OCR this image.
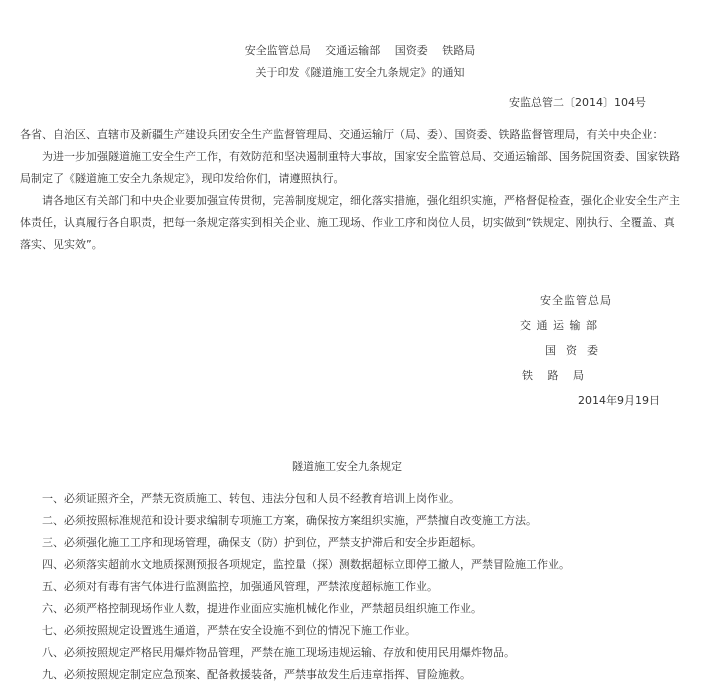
安全监管总局　 交通运输部　 国资委　 铁路局
关于印发《隧道施工安全九条规定》的通知
安监总管二〔2014〕104号
各省、自治区、直辖市及新疆生产建设兵团安全生产监督管理局、交通运输厅（局、委）、国资委、铁路监督管理局，有关中央企业：
为进一步加强隧道施工安全生产工作，有效防范和坚决遏制重特大事故，国家安全监管总局、交通运输部、国务院国资委、国家铁路局制定了《隧道施工安全九条规定》，现印发给你们，请遵照执行。
请各地区有关部门和中央企业要加强宣传贯彻，完善制度规定，细化落实措施，强化组织实施，严格督促检查，强化企业安全生产主体责任，认真履行各自职责，把每一条规定落实到相关企业、施工现场、作业工序和岗位人员，切实做到“铁规定、刚执行、全覆盖、真落实、见实效”。
安全监管总局
交 通 运 输 部
国  资  委
铁   路   局
2014年9月19日
隧道施工安全九条规定
一、必须证照齐全，严禁无资质施工、转包、违法分包和人员不经教育培训上岗作业。
二、必须按照标准规范和设计要求编制专项施工方案，确保按方案组织实施，严禁擅自改变施工方法。
三、必须强化施工工序和现场管理，确保支（防）护到位，严禁支护滞后和安全步距超标。
四、必须落实超前水文地质探测预报各项规定，监控量（探）测数据超标立即停工撤人，严禁冒险施工作业。
五、必须对有毒有害气体进行监测监控，加强通风管理，严禁浓度超标施工作业。
六、必须严格控制现场作业人数，提进作业面应实施机械化作业，严禁超员组织施工作业。
七、必须按照规定设置逃生通道，严禁在安全设施不到位的情况下施工作业。
八、必须按照规定严格民用爆炸物品管理，严禁在施工现场违规运输、存放和使用民用爆炸物品。
九、必须按照规定制定应急预案、配备救援装备，严禁事故发生后违章指挥、冒险施救。
